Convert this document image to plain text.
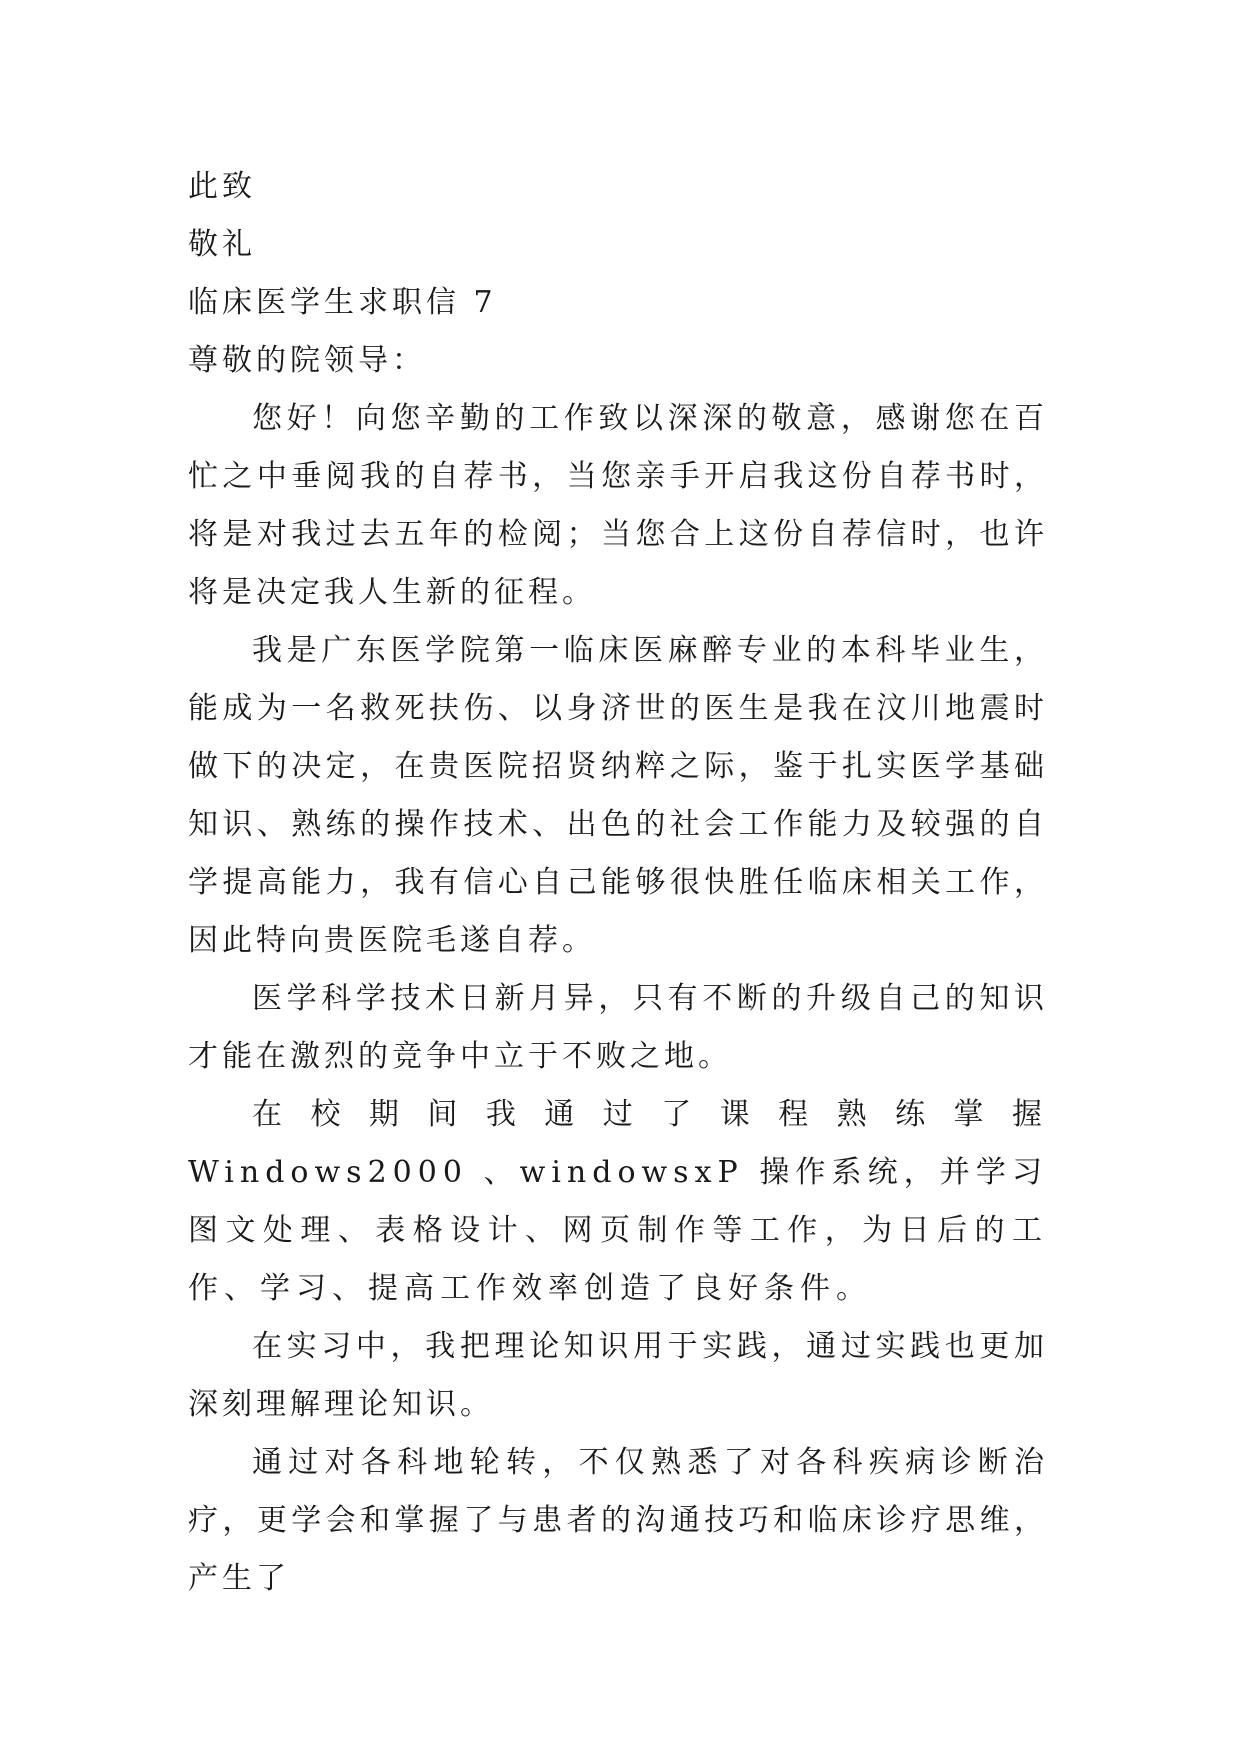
此致
敬礼
临床医学生求职信 7
尊敬的院领导：
您好！向您辛勤的工作致以深深的敬意，感谢您在百忙之中垂阅我的自荐书，当您亲手开启我这份自荐书时，将是对我过去五年的检阅；当您合上这份自荐信时，也许将是决定我人生新的征程。
我是广东医学院第一临床医麻醉专业的本科毕业生，能成为一名救死扶伤、以身济世的医生是我在汶川地震时做下的决定，在贵医院招贤纳粹之际，鉴于扎实医学基础知识、熟练的操作技术、出色的社会工作能力及较强的自学提高能力，我有信心自己能够很快胜任临床相关工作，因此特向贵医院毛遂自荐。
医学科学技术日新月异，只有不断的升级自己的知识才能在激烈的竞争中立于不败之地。
在校期间我通过了课程熟练掌握 Windows2000 、windowsxP 操作系统，并学习图文处理、表格设计、网页制作等工作，为日后的工作、学习、提高工作效率创造了良好条件。
在实习中，我把理论知识用于实践，通过实践也更加深刻理解理论知识。
通过对各科地轮转，不仅熟悉了对各科疾病诊断治疗，更学会和掌握了与患者的沟通技巧和临床诊疗思维，产生了
